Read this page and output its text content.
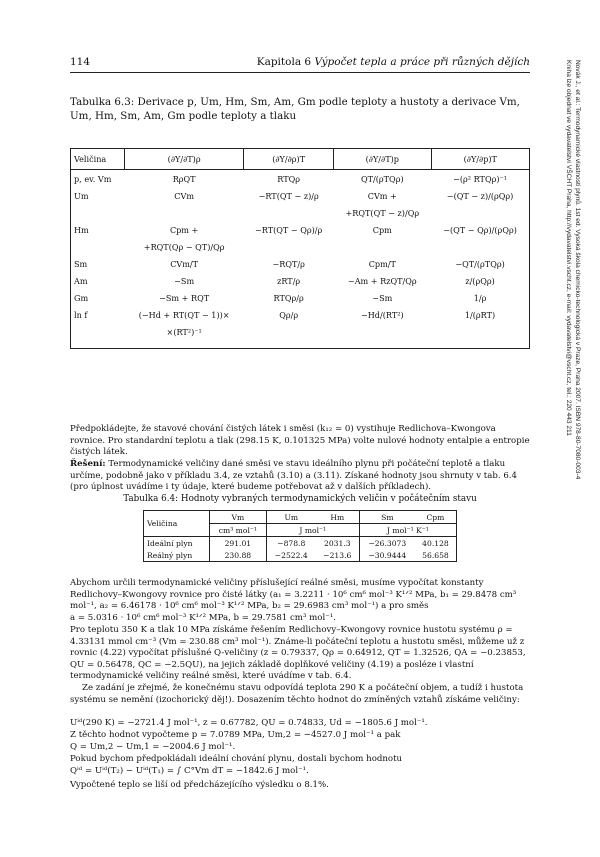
114	Kapitola 6 Výpočet tepla a práce při různých dějích
Tabulka 6.3: Derivace p, Um, Hm, Sm, Am, Gm podle teploty a hustoty a derivace Vm, Um, Hm, Sm, Am, Gm podle teploty a tlaku
Veličina	(∂Y/∂T)ρ	(∂Y/∂ρ)T	(∂Y/∂T)p	(∂Y/∂p)T
p, ev. Vm	RρQT	RTQρ	QT/(ρTQρ)	−(ρ² RTQρ)⁻¹
Um	CVm	−RT(QT − z)/ρ	CVm +	−(QT − z)/(ρQρ)
			+RQT(QT − z)/Qρ	
Hm	Cpm +	−RT(QT − Qρ)/ρ	Cpm	−(QT − Qρ)/(ρQρ)
	+RQT(Qρ − QT)/Qρ			
Sm	CVm/T	−RQT/ρ	Cpm/T	−QT/(ρTQρ)
Am	−Sm	zRT/ρ	−Am + RzQT/Qρ	z/(ρQρ)
Gm	−Sm + RQT	RTQρ/ρ	−Sm	1/ρ
ln f	(−Hd + RT(QT − 1))×	Qρ/ρ	−Hd/(RT²)	1/(ρRT)
	×(RT²)⁻¹			

Předpokládejte, že stavové chování čistých látek i směsi (k₁₂ = 0) vystihuje Redlichova–Kwongova rovnice. Pro standardní teplotu a tlak (298.15 K, 0.101325 MPa) volte nulové hodnoty entalpie a entropie čistých látek.

Řešení: Termodynamické veličiny dané směsi ve stavu ideálního plynu při počáteční teplotě a tlaku určíme, podobně jako v příkladu 3.4, ze vztahů (3.10) a (3.11). Získané hodnoty jsou shrnuty v tab. 6.4 (pro úplnost uvádíme i ty údaje, které budeme potřebovat až v dalších příkladech).

Tabulka 6.4: Hodnoty vybraných termodynamických veličin v počátečním stavu
Veličina	Vm	Um	Hm	Sm	Cpm
	cm³ mol⁻¹	J mol⁻¹		J mol⁻¹ K⁻¹	
Ideální plyn	291.01	−878.8	2031.3	−26.3073	40.128
Reálný plyn	230.88	−2522.4	−213.6	−30.9444	56.658

Abychom určili termodynamické veličiny příslušející reálné směsi, musíme vypočítat konstanty Redlichovy–Kwongovy rovnice pro čisté látky (a₁ = 3.2211 · 10⁶ cm⁶ mol⁻³ K¹ᐟ² MPa, b₁ = 29.8478 cm³ mol⁻¹, a₂ = 6.46178 · 10⁶ cm⁶ mol⁻³ K¹ᐟ² MPa, b₂ = 29.6983 cm³ mol⁻¹) a pro směs

a = 5.0316 · 10⁶ cm⁶ mol⁻³ K¹ᐟ² MPa, b = 29.7581 cm³ mol⁻¹.

Pro teplotu 350 K a tlak 10 MPa získáme řešením Redlichovy–Kwongovy rovnice hustotu systému ρ = 4.33131 mmol cm⁻³ (Vm = 230.88 cm³ mol⁻¹). Známe-li počáteční teplotu a hustotu směsi, můžeme už z rovnic (4.22) vypočítat příslušné Q-veličiny (z = 0.79337, Qρ = 0.64912, QT = 1.32526, QA = −0.23853, QU = 0.56478, QC = −2.5QU), na jejich základě doplňkové veličiny (4.19) a posléze i vlastní termodynamické veličiny reálné směsi, které uvádíme v tab. 6.4.

Ze zadání je zřejmé, že konečnému stavu odpovídá teplota 290 K a počáteční objem, a tudíž i hustota systému se nemění (izochorický děj!). Dosazením těchto hodnot do zmíněných vztahů získáme veličiny:

Uⁱᵈ(290 K) = −2721.4 J mol⁻¹, z = 0.67782, QU = 0.74833, Ud = −1805.6 J mol⁻¹.

Z těchto hodnot vypočteme p = 7.0789 MPa, Um,2 = −4527.0 J mol⁻¹ a pak

Q = Um,2 − Um,1 = −2004.6 J mol⁻¹.

Pokud bychom předpokládali ideální chování plynu, dostali bychom hodnotu

Qⁱᵈ = Uⁱᵈ(T₂) − Uⁱᵈ(T₁) = ∫ C°Vm dT = −1842.6 J mol⁻¹.

Vypočtené teplo se liší od předcházejícího výsledku o 8.1%.

Novák J., et al.: Termodynamické vlastnosti plynů. 1st ed. Vysoká škola chemicko-technologická v Praze, Praha 2007. ISBN 978-80-7080-003-4
Kniha lze objednat ve vydavatelství VŠCHT Praha, http://vydavatelstvi.vscht.cz, e-mail: vydavatelstvi@vscht.cz, tel.: 220 443 211
